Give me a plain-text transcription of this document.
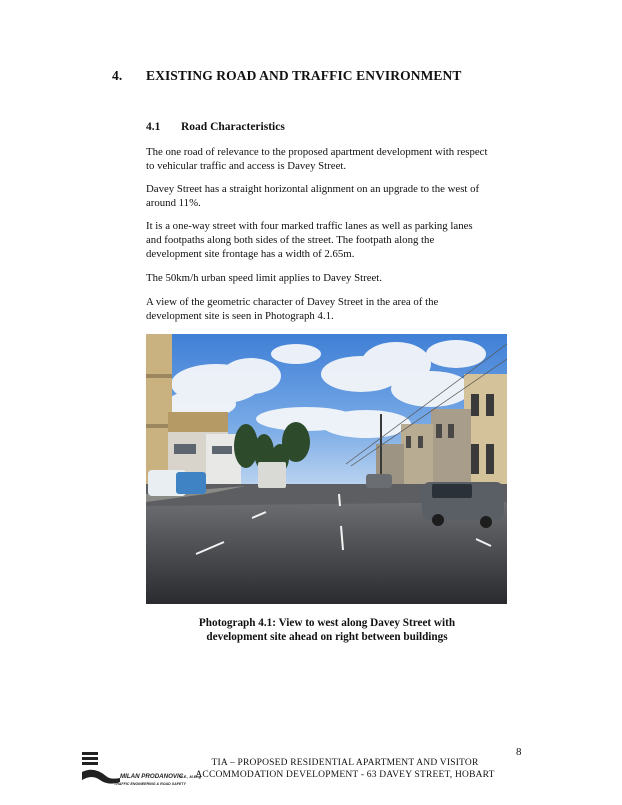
4. EXISTING ROAD AND TRAFFIC ENVIRONMENT
4.1 Road Characteristics
The one road of relevance to the proposed apartment development with respect
to vehicular traffic and access is Davey Street.
Davey Street has a straight horizontal alignment on an upgrade to the west of
around 11%.
It is a one-way street with four marked traffic lanes as well as parking lanes
and footpaths along both sides of the street. The footpath along the
development site frontage has a width of 2.65m.
The 50km/h urban speed limit applies to Davey Street.
A view of the geometric character of Davey Street in the area of the
development site is seen in Photograph 4.1.
Photograph 4.1: View to west along Davey Street with
development site ahead on right between buildings
8
MILAN PRODANOVIC
B.E., M.Eng
TRAFFIC ENGINEERING & ROAD SAFETY
TIA – PROPOSED RESIDENTIAL APARTMENT AND VISITOR
ACCOMMODATION DEVELOPMENT - 63 DAVEY STREET, HOBART
